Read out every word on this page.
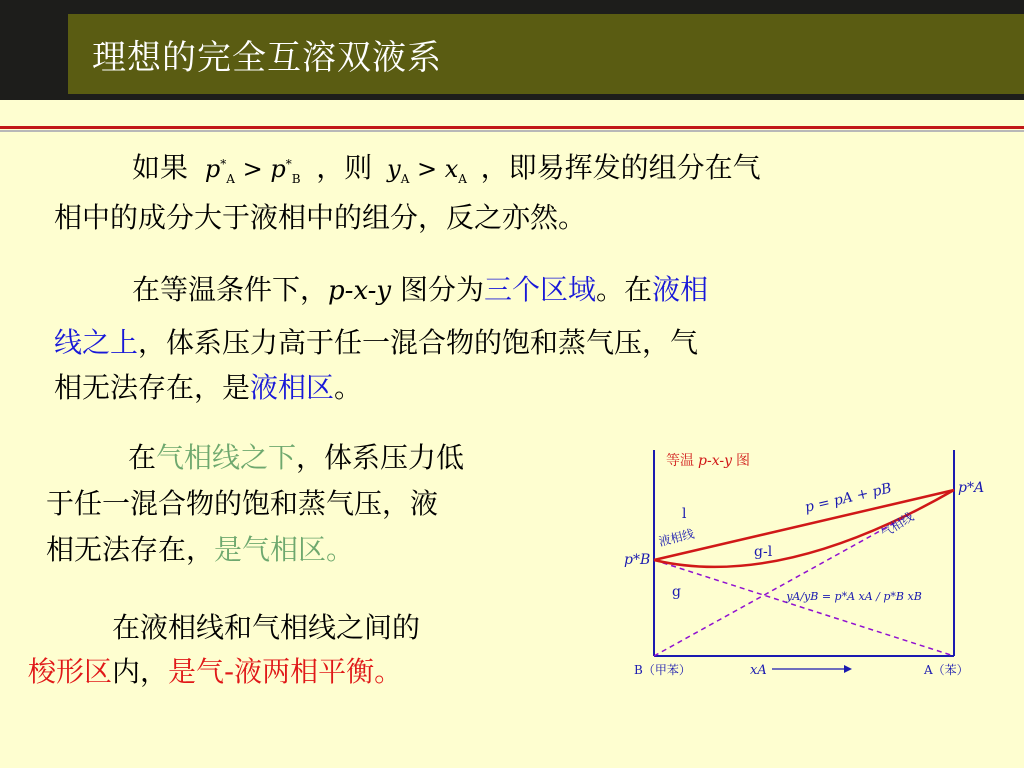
理想的完全互溶双液系
如果 $p^*_A > p^*_B$ ，则 $y_A > x_A$ ，即易挥发的组分在气
相中的成分大于液相中的组分，反之亦然。
在等温条件下，p-x-y 图分为三个区域。在液相
线之上，体系压力高于任一混合物的饱和蒸气压，气
相无法存在，是液相区。
在气相线之下，体系压力低
于任一混合物的饱和蒸气压，液
相无法存在，是气相区。
在液相线和气相线之间的
梭形区内，是气-液两相平衡。
等温 p-x-y 图
p = pA + pB	p*A
p*B
l
g-l
g
液相线	气相线
yA/yB = p*A xA / p*B xB
B（甲苯）	A（苯）
xA
